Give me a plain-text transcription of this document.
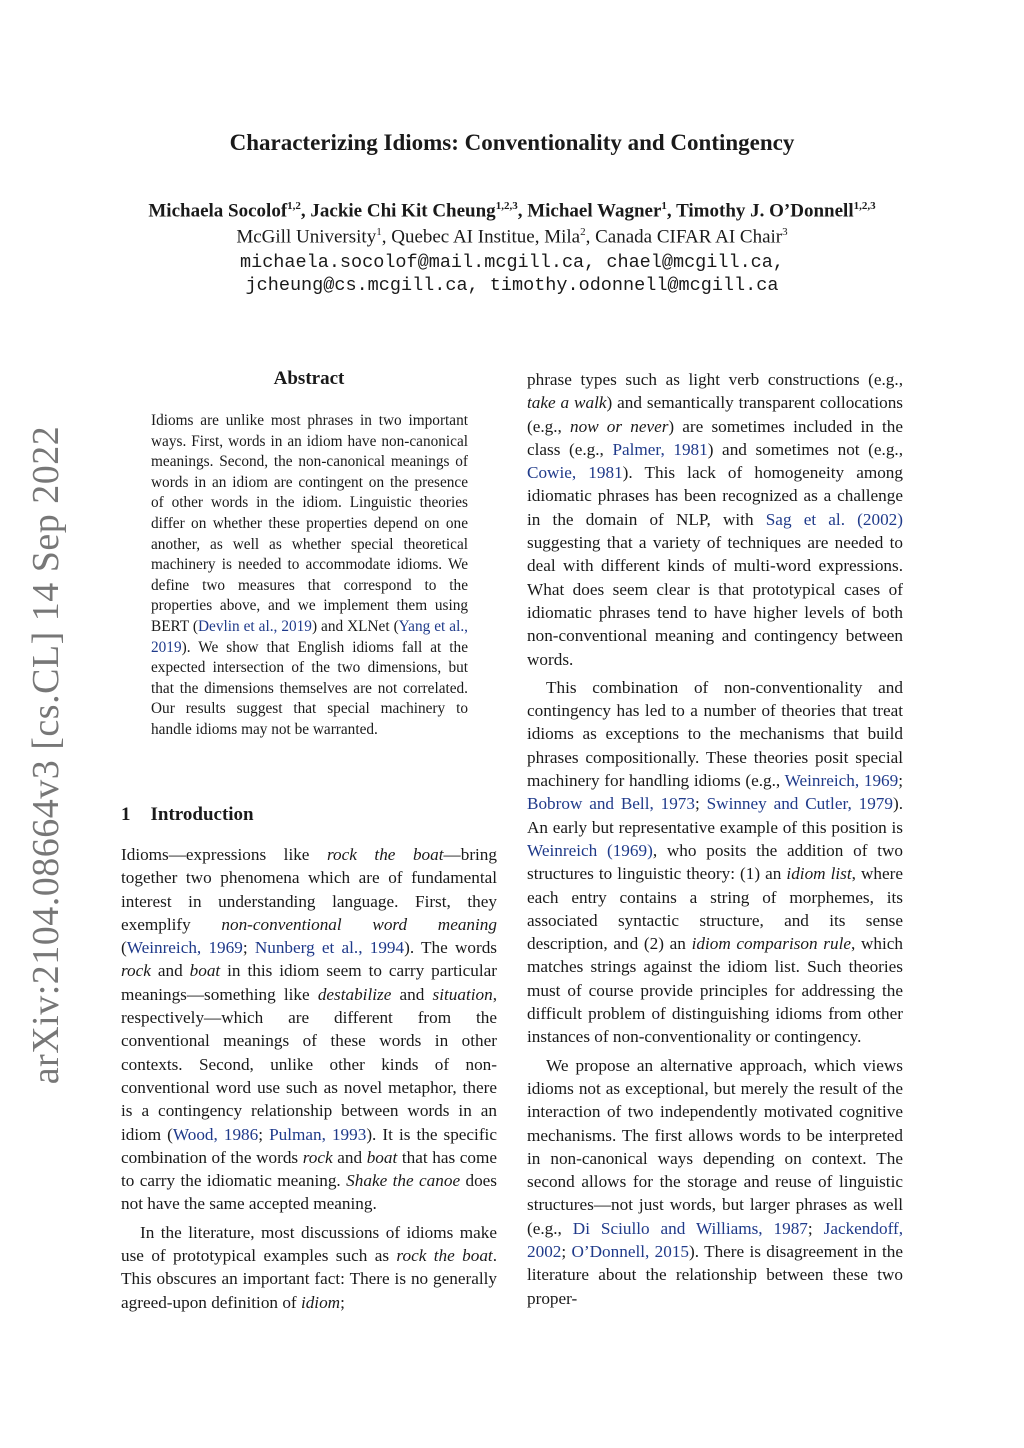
arXiv:2104.08664v3 [cs.CL] 14 Sep 2022
Characterizing Idioms: Conventionality and Contingency
Michaela Socolof$^{1,2}$, Jackie Chi Kit Cheung$^{1,2,3}$, Michael Wagner$^1$, Timothy J. O’Donnell$^{1,2,3}$
McGill University$^1$, Quebec AI Institue, Mila$^2$, Canada CIFAR AI Chair$^3$
michaela.socolof@mail.mcgill.ca, chael@mcgill.ca,
jcheung@cs.mcgill.ca, timothy.odonnell@mcgill.ca
Abstract
Idioms are unlike most phrases in two important ways. First, words in an idiom have non-canonical meanings. Second, the non-canonical meanings of words in an idiom are contingent on the presence of other words in the idiom. Linguistic theories differ on whether these properties depend on one another, as well as whether special theoretical machinery is needed to accommodate idioms. We define two measures that correspond to the properties above, and we implement them using BERT (Devlin et al., 2019) and XLNet (Yang et al., 2019). We show that English idioms fall at the expected intersection of the two dimensions, but that the dimensions themselves are not correlated. Our results suggest that special machinery to handle idioms may not be warranted.
1 Introduction

Idioms—expressions like rock the boat—bring together two phenomena which are of fundamental interest in understanding language. First, they exemplify non-conventional word meaning (Weinreich, 1969; Nunberg et al., 1994). The words rock and boat in this idiom seem to carry particular meanings—something like destabilize and situation, respectively—which are different from the conventional meanings of these words in other contexts. Second, unlike other kinds of non-conventional word use such as novel metaphor, there is a contingency relationship between words in an idiom (Wood, 1986; Pulman, 1993). It is the specific combination of the words rock and boat that has come to carry the idiomatic meaning. Shake the canoe does not have the same accepted meaning.

In the literature, most discussions of idioms make use of prototypical examples such as rock the boat. This obscures an important fact: There is no generally agreed-upon definition of idiom;

phrase types such as light verb constructions (e.g., take a walk) and semantically transparent collocations (e.g., now or never) are sometimes included in the class (e.g., Palmer, 1981) and sometimes not (e.g., Cowie, 1981). This lack of homogeneity among idiomatic phrases has been recognized as a challenge in the domain of NLP, with Sag et al. (2002) suggesting that a variety of techniques are needed to deal with different kinds of multi-word expressions. What does seem clear is that prototypical cases of idiomatic phrases tend to have higher levels of both non-conventional meaning and contingency between words.

This combination of non-conventionality and contingency has led to a number of theories that treat idioms as exceptions to the mechanisms that build phrases compositionally. These theories posit special machinery for handling idioms (e.g., Weinreich, 1969; Bobrow and Bell, 1973; Swinney and Cutler, 1979). An early but representative example of this position is Weinreich (1969), who posits the addition of two structures to linguistic theory: (1) an idiom list, where each entry contains a string of morphemes, its associated syntactic structure, and its sense description, and (2) an idiom comparison rule, which matches strings against the idiom list. Such theories must of course provide principles for addressing the difficult problem of distinguishing idioms from other instances of non-conventionality or contingency.

We propose an alternative approach, which views idioms not as exceptional, but merely the result of the interaction of two independently motivated cognitive mechanisms. The first allows words to be interpreted in non-canonical ways depending on context. The second allows for the storage and reuse of linguistic structures—not just words, but larger phrases as well (e.g., Di Sciullo and Williams, 1987; Jackendoff, 2002; O’Donnell, 2015). There is disagreement in the literature about the relationship between these two proper-
